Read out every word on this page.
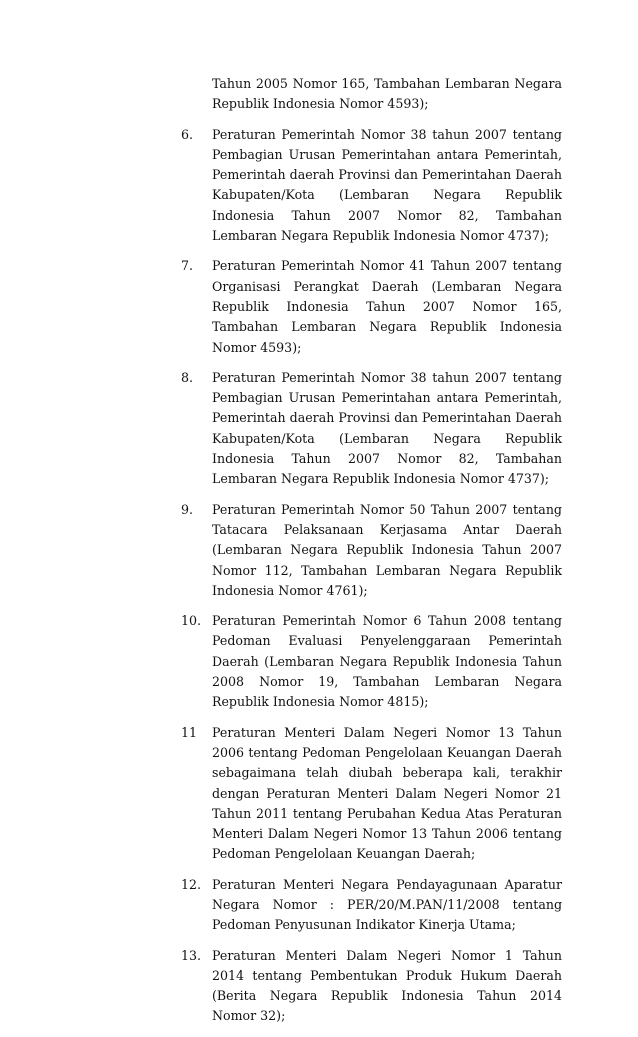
Tahun 2005 Nomor 165, Tambahan Lembaran Negara Republik Indonesia Nomor 4593);
6.	Peraturan Pemerintah Nomor 38 tahun 2007 tentang Pembagian Urusan Pemerintahan antara Pemerintah, Pemerintah daerah Provinsi dan Pemerintahan Daerah Kabupaten/Kota (Lembaran Negara Republik Indonesia Tahun 2007 Nomor 82, Tambahan Lembaran Negara Republik Indonesia Nomor 4737);
7.	Peraturan Pemerintah Nomor 41 Tahun 2007 tentang Organisasi Perangkat Daerah (Lembaran Negara Republik Indonesia Tahun 2007 Nomor 165, Tambahan Lembaran Negara Republik Indonesia Nomor 4593);
8.	Peraturan Pemerintah Nomor 38 tahun 2007 tentang Pembagian Urusan Pemerintahan antara Pemerintah, Pemerintah daerah Provinsi dan Pemerintahan Daerah Kabupaten/Kota (Lembaran Negara Republik Indonesia Tahun 2007 Nomor 82, Tambahan Lembaran Negara Republik Indonesia Nomor 4737);
9.	Peraturan Pemerintah Nomor 50 Tahun 2007 tentang Tatacara Pelaksanaan Kerjasama Antar Daerah (Lembaran Negara Republik Indonesia Tahun 2007 Nomor 112, Tambahan Lembaran Negara Republik Indonesia Nomor 4761);
10. Peraturan Pemerintah Nomor 6 Tahun 2008 tentang Pedoman Evaluasi Penyelenggaraan Pemerintah Daerah (Lembaran Negara Republik Indonesia Tahun 2008 Nomor 19, Tambahan Lembaran Negara Republik Indonesia Nomor 4815);
11	Peraturan Menteri Dalam Negeri Nomor 13 Tahun 2006 tentang Pedoman Pengelolaan Keuangan Daerah sebagaimana telah diubah beberapa kali, terakhir dengan Peraturan Menteri Dalam Negeri Nomor 21 Tahun 2011 tentang Perubahan Kedua Atas Peraturan Menteri Dalam Negeri Nomor 13 Tahun 2006 tentang Pedoman Pengelolaan Keuangan Daerah;
12. Peraturan Menteri Negara Pendayagunaan Aparatur Negara Nomor : PER/20/M.PAN/11/2008 tentang Pedoman Penyusunan Indikator Kinerja Utama;
13. Peraturan Menteri Dalam Negeri Nomor 1 Tahun 2014 tentang Pembentukan Produk Hukum Daerah (Berita Negara Republik Indonesia Tahun 2014 Nomor 32);
